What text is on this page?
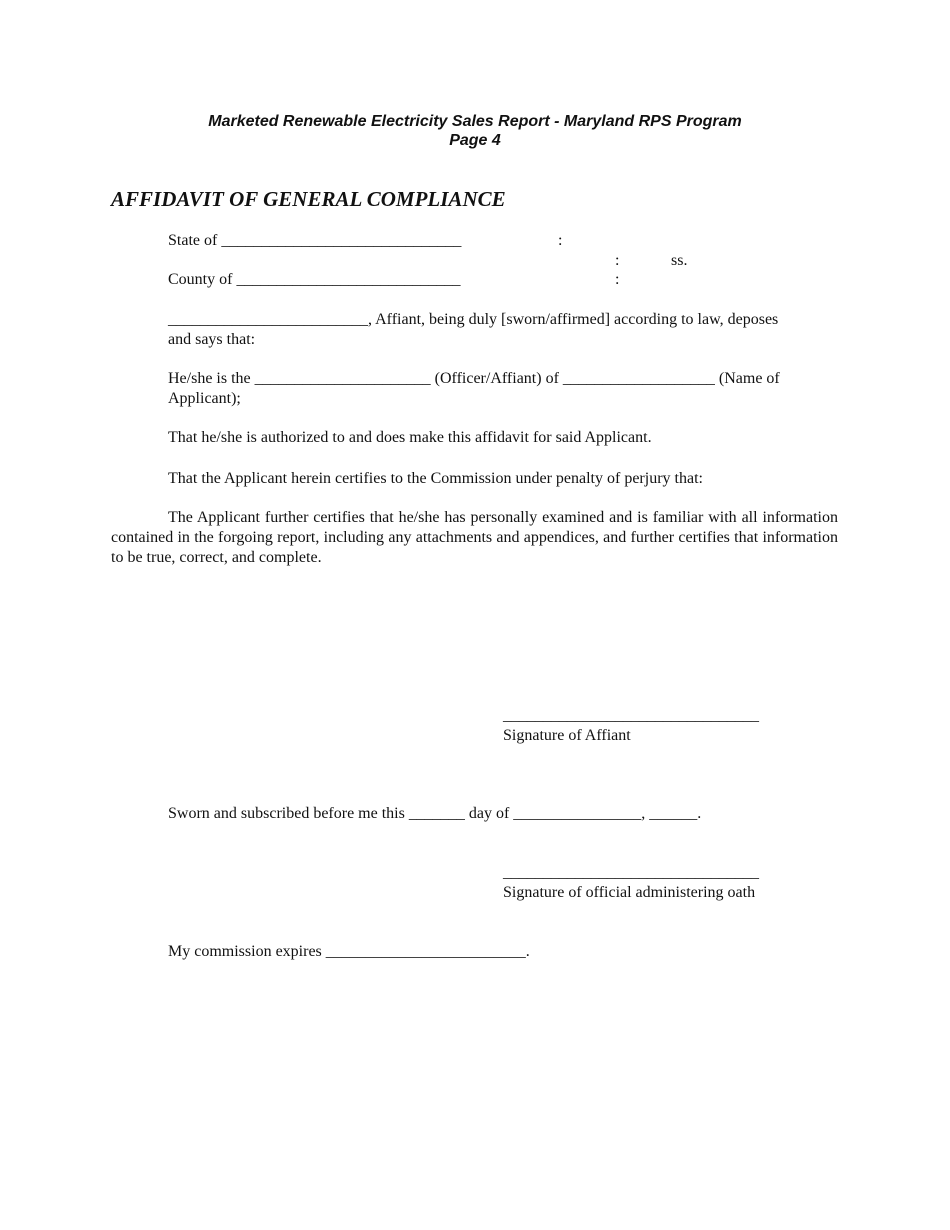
Marketed Renewable Electricity Sales Report - Maryland RPS Program
Page 4
AFFIDAVIT OF GENERAL COMPLIANCE
State of ______________________________	:
:	ss.
County of ____________________________	:
_________________________, Affiant, being duly [sworn/affirmed] according to law, deposes
and says that:
He/she is the ______________________ (Officer/Affiant) of ___________________ (Name of
Applicant);
That he/she is authorized to and does make this affidavit for said Applicant.
That the Applicant herein certifies to the Commission under penalty of perjury that:
The Applicant further certifies that he/she has personally examined and is familiar with all information contained in the forgoing report, including any attachments and appendices, and further certifies that information to be true, correct, and complete.
________________________________
Signature of Affiant
Sworn and subscribed before me this _______ day of ________________, ______.
________________________________
Signature of official administering oath
My commission expires _________________________.
